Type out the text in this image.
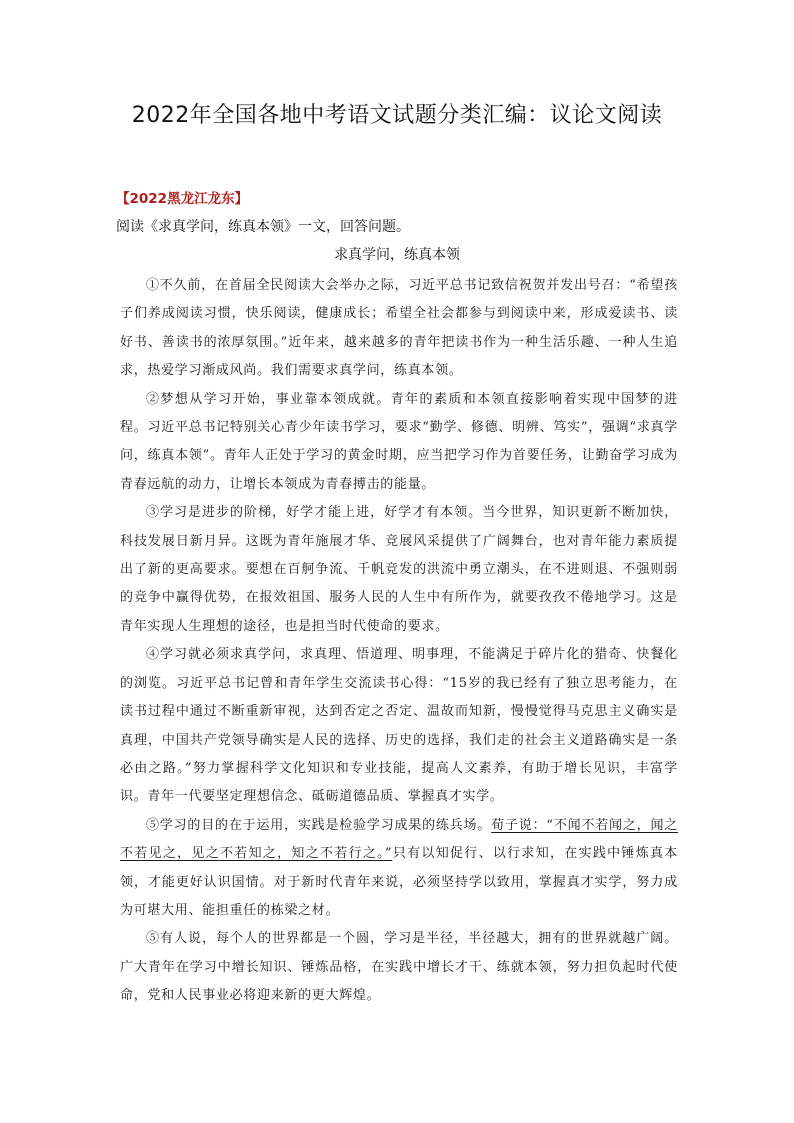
2022年全国各地中考语文试题分类汇编：议论文阅读
【2022黑龙江龙东】
阅读《求真学问，练真本领》一文，回答问题。
求真学问，练真本领

①不久前，在首届全民阅读大会举办之际，习近平总书记致信祝贺并发出号召：“希望孩子们养成阅读习惯，快乐阅读，健康成长；希望全社会都参与到阅读中来，形成爱读书、读好书、善读书的浓厚氛围。”近年来，越来越多的青年把读书作为一种生活乐趣、一种人生追求，热爱学习渐成风尚。我们需要求真学问，练真本领。

②梦想从学习开始，事业靠本领成就。青年的素质和本领直接影响着实现中国梦的进程。习近平总书记特别关心青少年读书学习，要求“勤学、修德、明辨、笃实”，强调“求真学问，练真本领”。青年人正处于学习的黄金时期，应当把学习作为首要任务，让勤奋学习成为青春远航的动力，让增长本领成为青春搏击的能量。

③学习是进步的阶梯，好学才能上进，好学才有本领。当今世界，知识更新不断加快，科技发展日新月异。这既为青年施展才华、竞展风采提供了广阔舞台，也对青年能力素质提出了新的更高要求。要想在百舸争流、千帆竞发的洪流中勇立潮头，在不进则退、不强则弱的竞争中赢得优势，在报效祖国、服务人民的人生中有所作为，就要孜孜不倦地学习。这是青年实现人生理想的途径，也是担当时代使命的要求。

④学习就必须求真学问，求真理、悟道理、明事理，不能满足于碎片化的猎奇、快餐化的浏览。习近平总书记曾和青年学生交流读书心得：“15岁的我已经有了独立思考能力，在读书过程中通过不断重新审视，达到否定之否定、温故而知新，慢慢觉得马克思主义确实是真理，中国共产党领导确实是人民的选择、历史的选择，我们走的社会主义道路确实是一条必由之路。”努力掌握科学文化知识和专业技能，提高人文素养，有助于增长见识，丰富学识。青年一代要坚定理想信念、砥砺道德品质、掌握真才实学。

⑤学习的目的在于运用，实践是检验学习成果的练兵场。荀子说：“不闻不若闻之，闻之不若见之，见之不若知之，知之不若行之。”只有以知促行、以行求知，在实践中锤炼真本领，才能更好认识国情。对于新时代青年来说，必须坚持学以致用，掌握真才实学，努力成为可堪大用、能担重任的栋梁之材。

⑤有人说，每个人的世界都是一个圆，学习是半径，半径越大，拥有的世界就越广阔。广大青年在学习中增长知识、锤炼品格，在实践中增长才干、练就本领，努力担负起时代使命，党和人民事业必将迎来新的更大辉煌。
